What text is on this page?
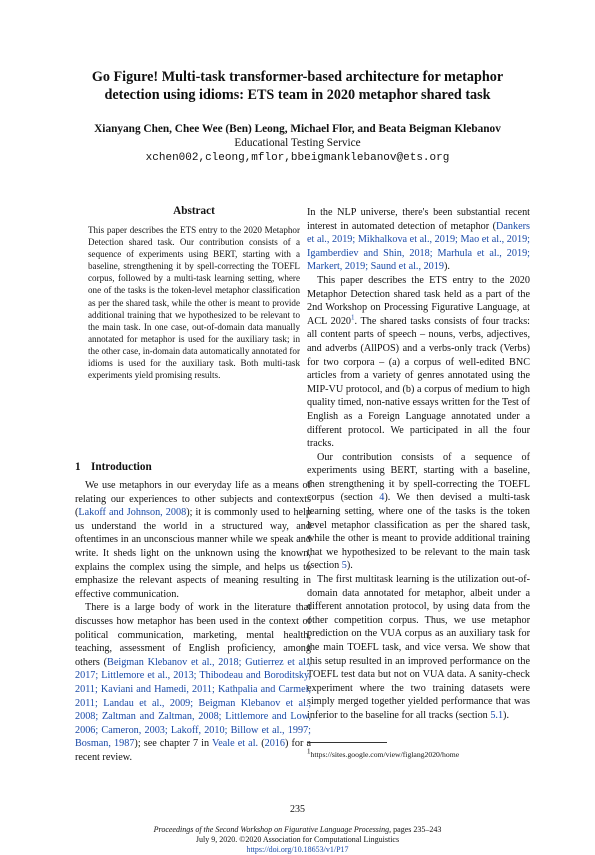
Go Figure! Multi-task transformer-based architecture for metaphor
detection using idioms: ETS team in 2020 metaphor shared task
Xianyang Chen, Chee Wee (Ben) Leong, Michael Flor, and Beata Beigman Klebanov
Educational Testing Service
xchen002,cleong,mflor,bbeigmanklebanov@ets.org
Abstract
This paper describes the ETS entry to the 2020 Metaphor Detection shared task. Our contribution consists of a sequence of experiments using BERT, starting with a baseline, strengthening it by spell-correcting the TOEFL corpus, followed by a multi-task learning setting, where one of the tasks is the token-level metaphor classification as per the shared task, while the other is meant to provide additional training that we hypothesized to be relevant to the main task. In one case, out-of-domain data manually annotated for metaphor is used for the auxiliary task; in the other case, in-domain data automatically annotated for idioms is used for the auxiliary task. Both multi-task experiments yield promising results.
1 Introduction

We use metaphors in our everyday life as a means of relating our experiences to other subjects and contexts (Lakoff and Johnson, 2008); it is commonly used to help us understand the world in a structured way, and oftentimes in an unconscious manner while we speak and write. It sheds light on the unknown using the known, explains the complex using the simple, and helps us to emphasize the relevant aspects of meaning resulting in effective communication.

There is a large body of work in the literature that discusses how metaphor has been used in the context of political communication, marketing, mental health, teaching, assessment of English proficiency, among others (Beigman Klebanov et al., 2018; Gutierrez et al., 2017; Littlemore et al., 2013; Thibodeau and Boroditsky, 2011; Kaviani and Hamedi, 2011; Kathpalia and Carmel, 2011; Landau et al., 2009; Beigman Klebanov et al., 2008; Zaltman and Zaltman, 2008; Littlemore and Low, 2006; Cameron, 2003; Lakoff, 2010; Billow et al., 1997; Bosman, 1987); see chapter 7 in Veale et al. (2016) for a recent review.

In the NLP universe, there's been substantial recent interest in automated detection of metaphor (Dankers et al., 2019; Mikhalkova et al., 2019; Mao et al., 2019; Igamberdiev and Shin, 2018; Marhula et al., 2019; Markert, 2019; Saund et al., 2019).

This paper describes the ETS entry to the 2020 Metaphor Detection shared task held as a part of the 2nd Workshop on Processing Figurative Language, at ACL 2020$^1$. The shared tasks consists of four tracks: all content parts of speech – nouns, verbs, adjectives, and adverbs (AllPOS) and a verbs-only track (Verbs) for two corpora – (a) a corpus of well-edited BNC articles from a variety of genres annotated using the MIP-VU protocol, and (b) a corpus of medium to high quality timed, non-native essays written for the Test of English as a Foreign Language annotated under a different protocol. We participated in all the four tracks.

Our contribution consists of a sequence of experiments using BERT, starting with a baseline, then strengthening it by spell-correcting the TOEFL corpus (section 4). We then devised a multi-task learning setting, where one of the tasks is the token level metaphor classification as per the shared task, while the other is meant to provide additional training that we hypothesized to be relevant to the main task (section 5).

The first multitask learning is the utilization out-of-domain data annotated for metaphor, albeit under a different annotation protocol, by using data from the other competition corpus. Thus, we use metaphor prediction on the VUA corpus as an auxiliary task for the main TOEFL task, and vice versa. We show that this setup resulted in an improved performance on the TOEFL test data but not on VUA data. A sanity-check experiment where the two training datasets were simply merged together yielded performance that was inferior to the baseline for all tracks (section 5.1).

$^1$https://sites.google.com/view/figlang2020/home
235
Proceedings of the Second Workshop on Figurative Language Processing, pages 235–243
July 9, 2020. ©2020 Association for Computational Linguistics
https://doi.org/10.18653/v1/P17
